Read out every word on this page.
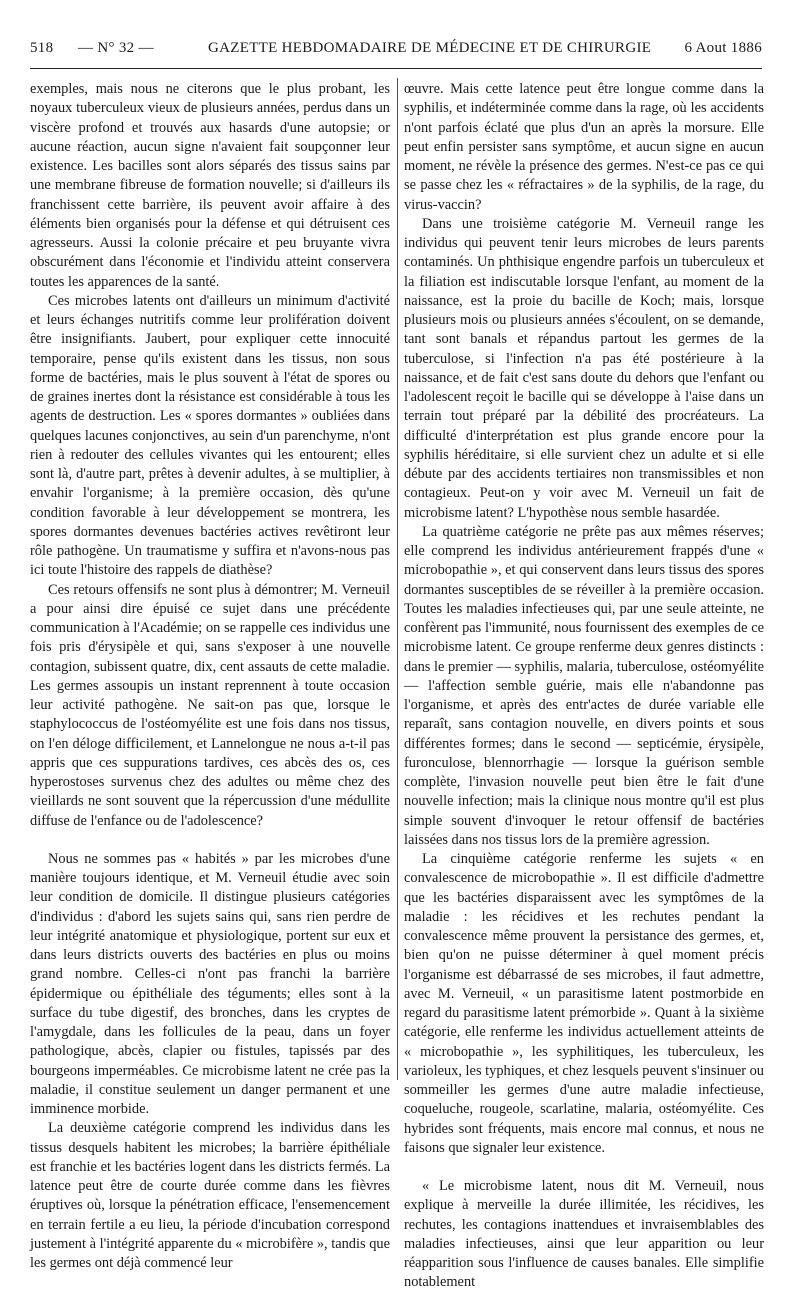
518 — N° 32 —	GAZETTE HEBDOMADAIRE DE MÉDECINE ET DE CHIRURGIE 6 Aout 1886

exemples, mais nous ne citerons que le plus probant, les noyaux tuberculeux vieux de plusieurs années, perdus dans un viscère profond et trouvés aux hasards d'une autopsie; or aucune réaction, aucun signe n'avaient fait soupçonner leur existence. Les bacilles sont alors séparés des tissus sains par une membrane fibreuse de formation nouvelle; si d'ailleurs ils franchissent cette barrière, ils peuvent avoir affaire à des éléments bien organisés pour la défense et qui détruisent ces agresseurs. Aussi la colonie précaire et peu bruyante vivra obscurément dans l'économie et l'individu atteint conservera toutes les apparences de la santé.

Ces microbes latents ont d'ailleurs un minimum d'activité et leurs échanges nutritifs comme leur prolifération doivent être insignifiants. Jaubert, pour expliquer cette innocuité temporaire, pense qu'ils existent dans les tissus, non sous forme de bactéries, mais le plus souvent à l'état de spores ou de graines inertes dont la résistance est considérable à tous les agents de destruction. Les « spores dormantes » oubliées dans quelques lacunes conjonctives, au sein d'un parenchyme, n'ont rien à redouter des cellules vivantes qui les entourent; elles sont là, d'autre part, prêtes à devenir adultes, à se multiplier, à envahir l'organisme; à la première occasion, dès qu'une condition favorable à leur développement se montrera, les spores dormantes devenues bactéries actives revêtiront leur rôle pathogène. Un traumatisme y suffira et n'avons-nous pas ici toute l'histoire des rappels de diathèse?

Ces retours offensifs ne sont plus à démontrer; M. Verneuil a pour ainsi dire épuisé ce sujet dans une précédente communication à l'Académie; on se rappelle ces individus une fois pris d'érysipèle et qui, sans s'exposer à une nouvelle contagion, subissent quatre, dix, cent assauts de cette maladie. Les germes assoupis un instant reprennent à toute occasion leur activité pathogène. Ne sait-on pas que, lorsque le staphylococcus de l'ostéomyélite est une fois dans nos tissus, on l'en déloge difficilement, et Lannelongue ne nous a-t-il pas appris que ces suppurations tardives, ces abcès des os, ces hyperostoses survenus chez des adultes ou même chez des vieillards ne sont souvent que la répercussion d'une médullite diffuse de l'enfance ou de l'adolescence?

Nous ne sommes pas « habités » par les microbes d'une manière toujours identique, et M. Verneuil étudie avec soin leur condition de domicile. Il distingue plusieurs catégories d'individus : d'abord les sujets sains qui, sans rien perdre de leur intégrité anatomique et physiologique, portent sur eux et dans leurs districts ouverts des bactéries en plus ou moins grand nombre. Celles-ci n'ont pas franchi la barrière épidermique ou épithéliale des téguments; elles sont à la surface du tube digestif, des bronches, dans les cryptes de l'amygdale, dans les follicules de la peau, dans un foyer pathologique, abcès, clapier ou fistules, tapissés par des bourgeons imperméables. Ce microbisme latent ne crée pas la maladie, il constitue seulement un danger permanent et une imminence morbide.

La deuxième catégorie comprend les individus dans les tissus desquels habitent les microbes; la barrière épithéliale est franchie et les bactéries logent dans les districts fermés. La latence peut être de courte durée comme dans les fièvres éruptives où, lorsque la pénétration efficace, l'ensemencement en terrain fertile a eu lieu, la période d'incubation correspond justement à l'intégrité apparente du « microbifère », tandis que les germes ont déjà commencé leur

œuvre. Mais cette latence peut être longue comme dans la syphilis, et indéterminée comme dans la rage, où les accidents n'ont parfois éclaté que plus d'un an après la morsure. Elle peut enfin persister sans symptôme, et aucun signe en aucun moment, ne révèle la présence des germes. N'est-ce pas ce qui se passe chez les « réfractaires » de la syphilis, de la rage, du virus-vaccin?

Dans une troisième catégorie M. Verneuil range les individus qui peuvent tenir leurs microbes de leurs parents contaminés. Un phthisique engendre parfois un tuberculeux et la filiation est indiscutable lorsque l'enfant, au moment de la naissance, est la proie du bacille de Koch; mais, lorsque plusieurs mois ou plusieurs années s'écoulent, on se demande, tant sont banals et répandus partout les germes de la tuberculose, si l'infection n'a pas été postérieure à la naissance, et de fait c'est sans doute du dehors que l'enfant ou l'adolescent reçoit le bacille qui se développe à l'aise dans un terrain tout préparé par la débilité des procréateurs. La difficulté d'interprétation est plus grande encore pour la syphilis héréditaire, si elle survient chez un adulte et si elle débute par des accidents tertiaires non transmissibles et non contagieux. Peut-on y voir avec M. Verneuil un fait de microbisme latent? L'hypothèse nous semble hasardée.

La quatrième catégorie ne prête pas aux mêmes réserves; elle comprend les individus antérieurement frappés d'une « microbopathie », et qui conservent dans leurs tissus des spores dormantes susceptibles de se réveiller à la première occasion. Toutes les maladies infectieuses qui, par une seule atteinte, ne confèrent pas l'immunité, nous fournissent des exemples de ce microbisme latent. Ce groupe renferme deux genres distincts : dans le premier — syphilis, malaria, tuberculose, ostéomyélite — l'affection semble guérie, mais elle n'abandonne pas l'organisme, et après des entr'actes de durée variable elle reparaît, sans contagion nouvelle, en divers points et sous différentes formes; dans le second — septicémie, érysipèle, furonculose, blennorrhagie — lorsque la guérison semble complète, l'invasion nouvelle peut bien être le fait d'une nouvelle infection; mais la clinique nous montre qu'il est plus simple souvent d'invoquer le retour offensif de bactéries laissées dans nos tissus lors de la première agression.

La cinquième catégorie renferme les sujets « en convalescence de microbopathie ». Il est difficile d'admettre que les bactéries disparaissent avec les symptômes de la maladie : les récidives et les rechutes pendant la convalescence même prouvent la persistance des germes, et, bien qu'on ne puisse déterminer à quel moment précis l'organisme est débarrassé de ses microbes, il faut admettre, avec M. Verneuil, « un parasitisme latent postmorbide en regard du parasitisme latent prémorbide ». Quant à la sixième catégorie, elle renferme les individus actuellement atteints de « microbopathie », les syphilitiques, les tuberculeux, les varioleux, les typhiques, et chez lesquels peuvent s'insinuer ou sommeiller les germes d'une autre maladie infectieuse, coqueluche, rougeole, scarlatine, malaria, ostéomyélite. Ces hybrides sont fréquents, mais encore mal connus, et nous ne faisons que signaler leur existence.

« Le microbisme latent, nous dit M. Verneuil, nous explique à merveille la durée illimitée, les récidives, les rechutes, les contagions inattendues et invraisemblables des maladies infectieuses, ainsi que leur apparition ou leur réapparition sous l'influence de causes banales. Elle simplifie notablement
